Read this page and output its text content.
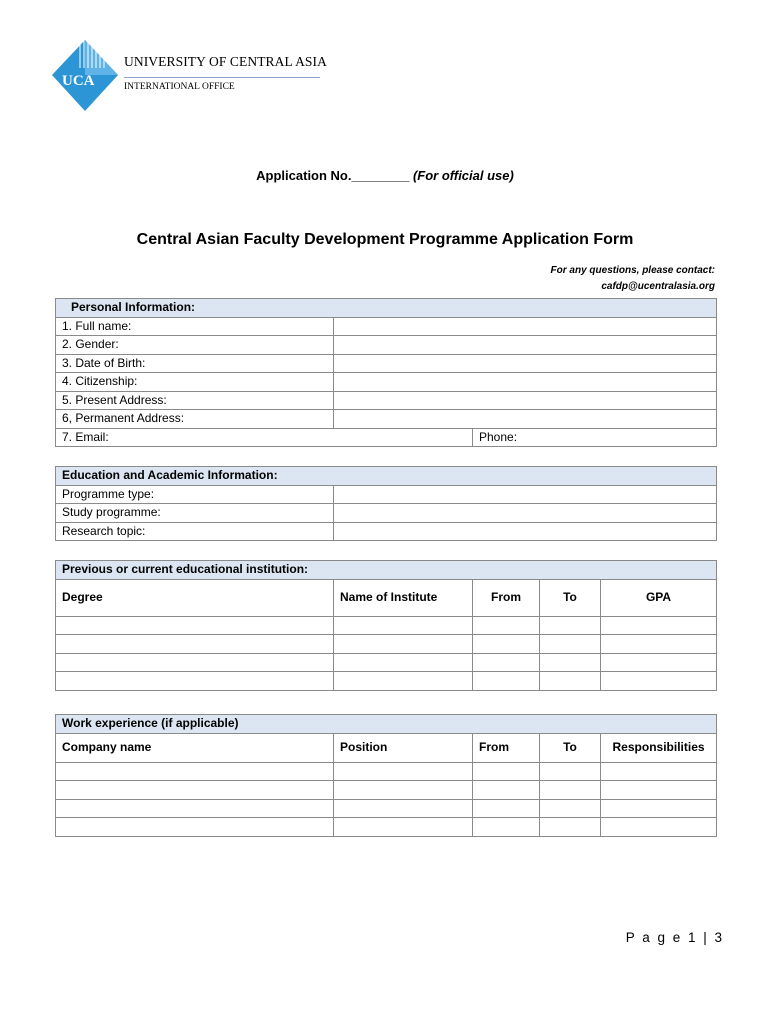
UCA
UNIVERSITY OF CENTRAL ASIA
INTERNATIONAL OFFICE
Application No.________ (For official use)
Central Asian Faculty Development Programme Application Form
For any questions, please contact:
cafdp@ucentralasia.org
Personal Information:		
1. Full name:		
2. Gender:		
3. Date of Birth:		
4. Citizenship:		
5. Present Address:		
6, Permanent Address:		
7. Email:		Phone:
Education and Academic Information:	
Programme type:	
Study programme:	
Research topic:	
Previous or current educational institution:				
Degree	Name of Institute	From	To	GPA

Work experience (if applicable)				
Company name	Position	From	To	Responsibilities

P a g e 1 | 3
